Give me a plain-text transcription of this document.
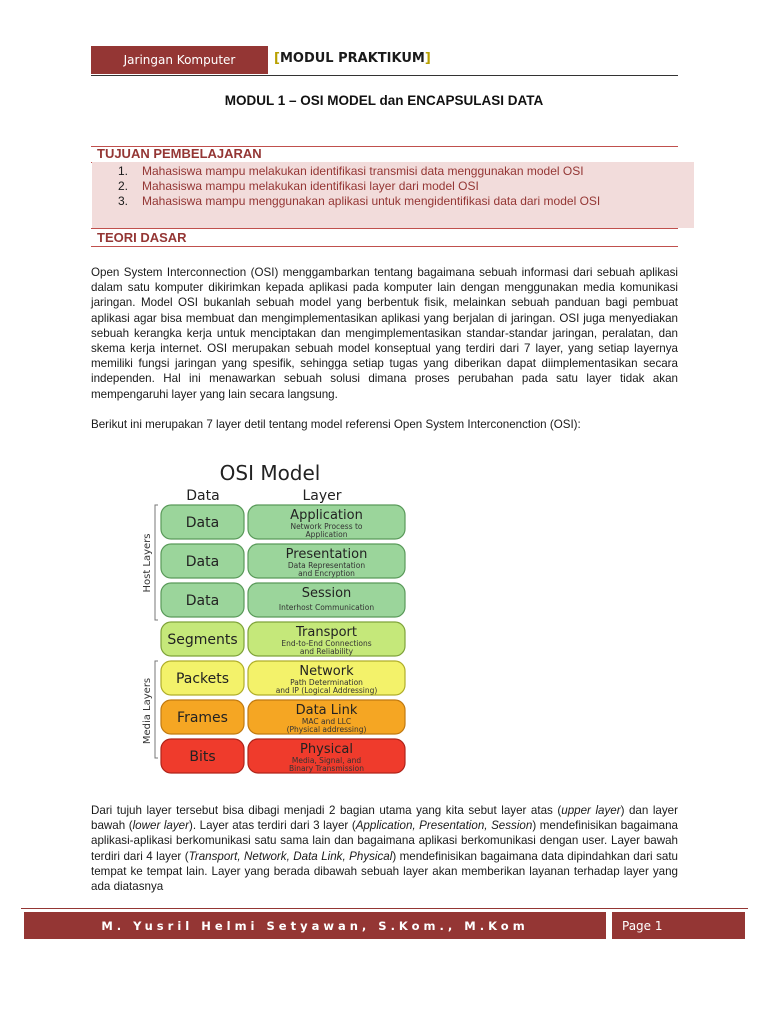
Jaringan Komputer	[MODUL PRAKTIKUM]
MODUL 1 – OSI MODEL dan ENCAPSULASI DATA
TUJUAN PEMBELAJARAN
1. Mahasiswa mampu melakukan identifikasi transmisi data menggunakan model OSI
2. Mahasiswa mampu melakukan identifikasi layer dari model OSI
3. Mahasiswa mampu menggunakan aplikasi untuk mengidentifikasi data dari model OSI
TEORI DASAR
Open System Interconnection (OSI) menggambarkan tentang bagaimana sebuah informasi dari sebuah aplikasi dalam satu komputer dikirimkan kepada aplikasi pada komputer lain dengan menggunakan media komunikasi jaringan. Model OSI bukanlah sebuah model yang berbentuk fisik, melainkan sebuah panduan bagi pembuat aplikasi agar bisa membuat dan mengimplementasikan aplikasi yang berjalan di jaringan. OSI juga menyediakan sebuah kerangka kerja untuk menciptakan dan mengimplementasikan standar-standar jaringan, peralatan, dan skema kerja internet. OSI merupakan sebuah model konseptual yang terdiri dari 7 layer, yang setiap layernya memiliki fungsi jaringan yang spesifik, sehingga setiap tugas yang diberikan dapat diimplementasikan secara independen. Hal ini menawarkan sebuah solusi dimana proses perubahan pada satu layer tidak akan mempengaruhi layer yang lain secara langsung.
Berikut ini merupakan 7 layer detil tentang model referensi Open System Interconenction (OSI):
OSI Model
Data	Layer
Host Layers
Media Layers
Data	Application
Network Process to
Application
Data	Presentation
Data Representation
and Encryption
Data	Session
Interhost Communication
Segments	Transport
End-to-End Connections
and Reliability
Packets	Network
Path Determination
and IP (Logical Addressing)
Frames	Data Link
MAC and LLC
(Physical addressing)
Bits	Physical
Media, Signal, and
Binary Transmission
Dari tujuh layer tersebut bisa dibagi menjadi 2 bagian utama yang kita sebut layer atas (upper layer) dan layer bawah (lower layer). Layer atas terdiri dari 3 layer (Application, Presentation, Session) mendefinisikan bagaimana aplikasi-aplikasi berkomunikasi satu sama lain dan bagaimana aplikasi berkomunikasi dengan user. Layer bawah terdiri dari 4 layer (Transport, Network, Data Link, Physical) mendefinisikan bagaimana data dipindahkan dari satu tempat ke tempat lain. Layer yang berada dibawah sebuah layer akan memberikan layanan terhadap layer yang ada diatasnya
M. Yusril Helmi Setyawan, S.Kom., M.Kom	Page 1
